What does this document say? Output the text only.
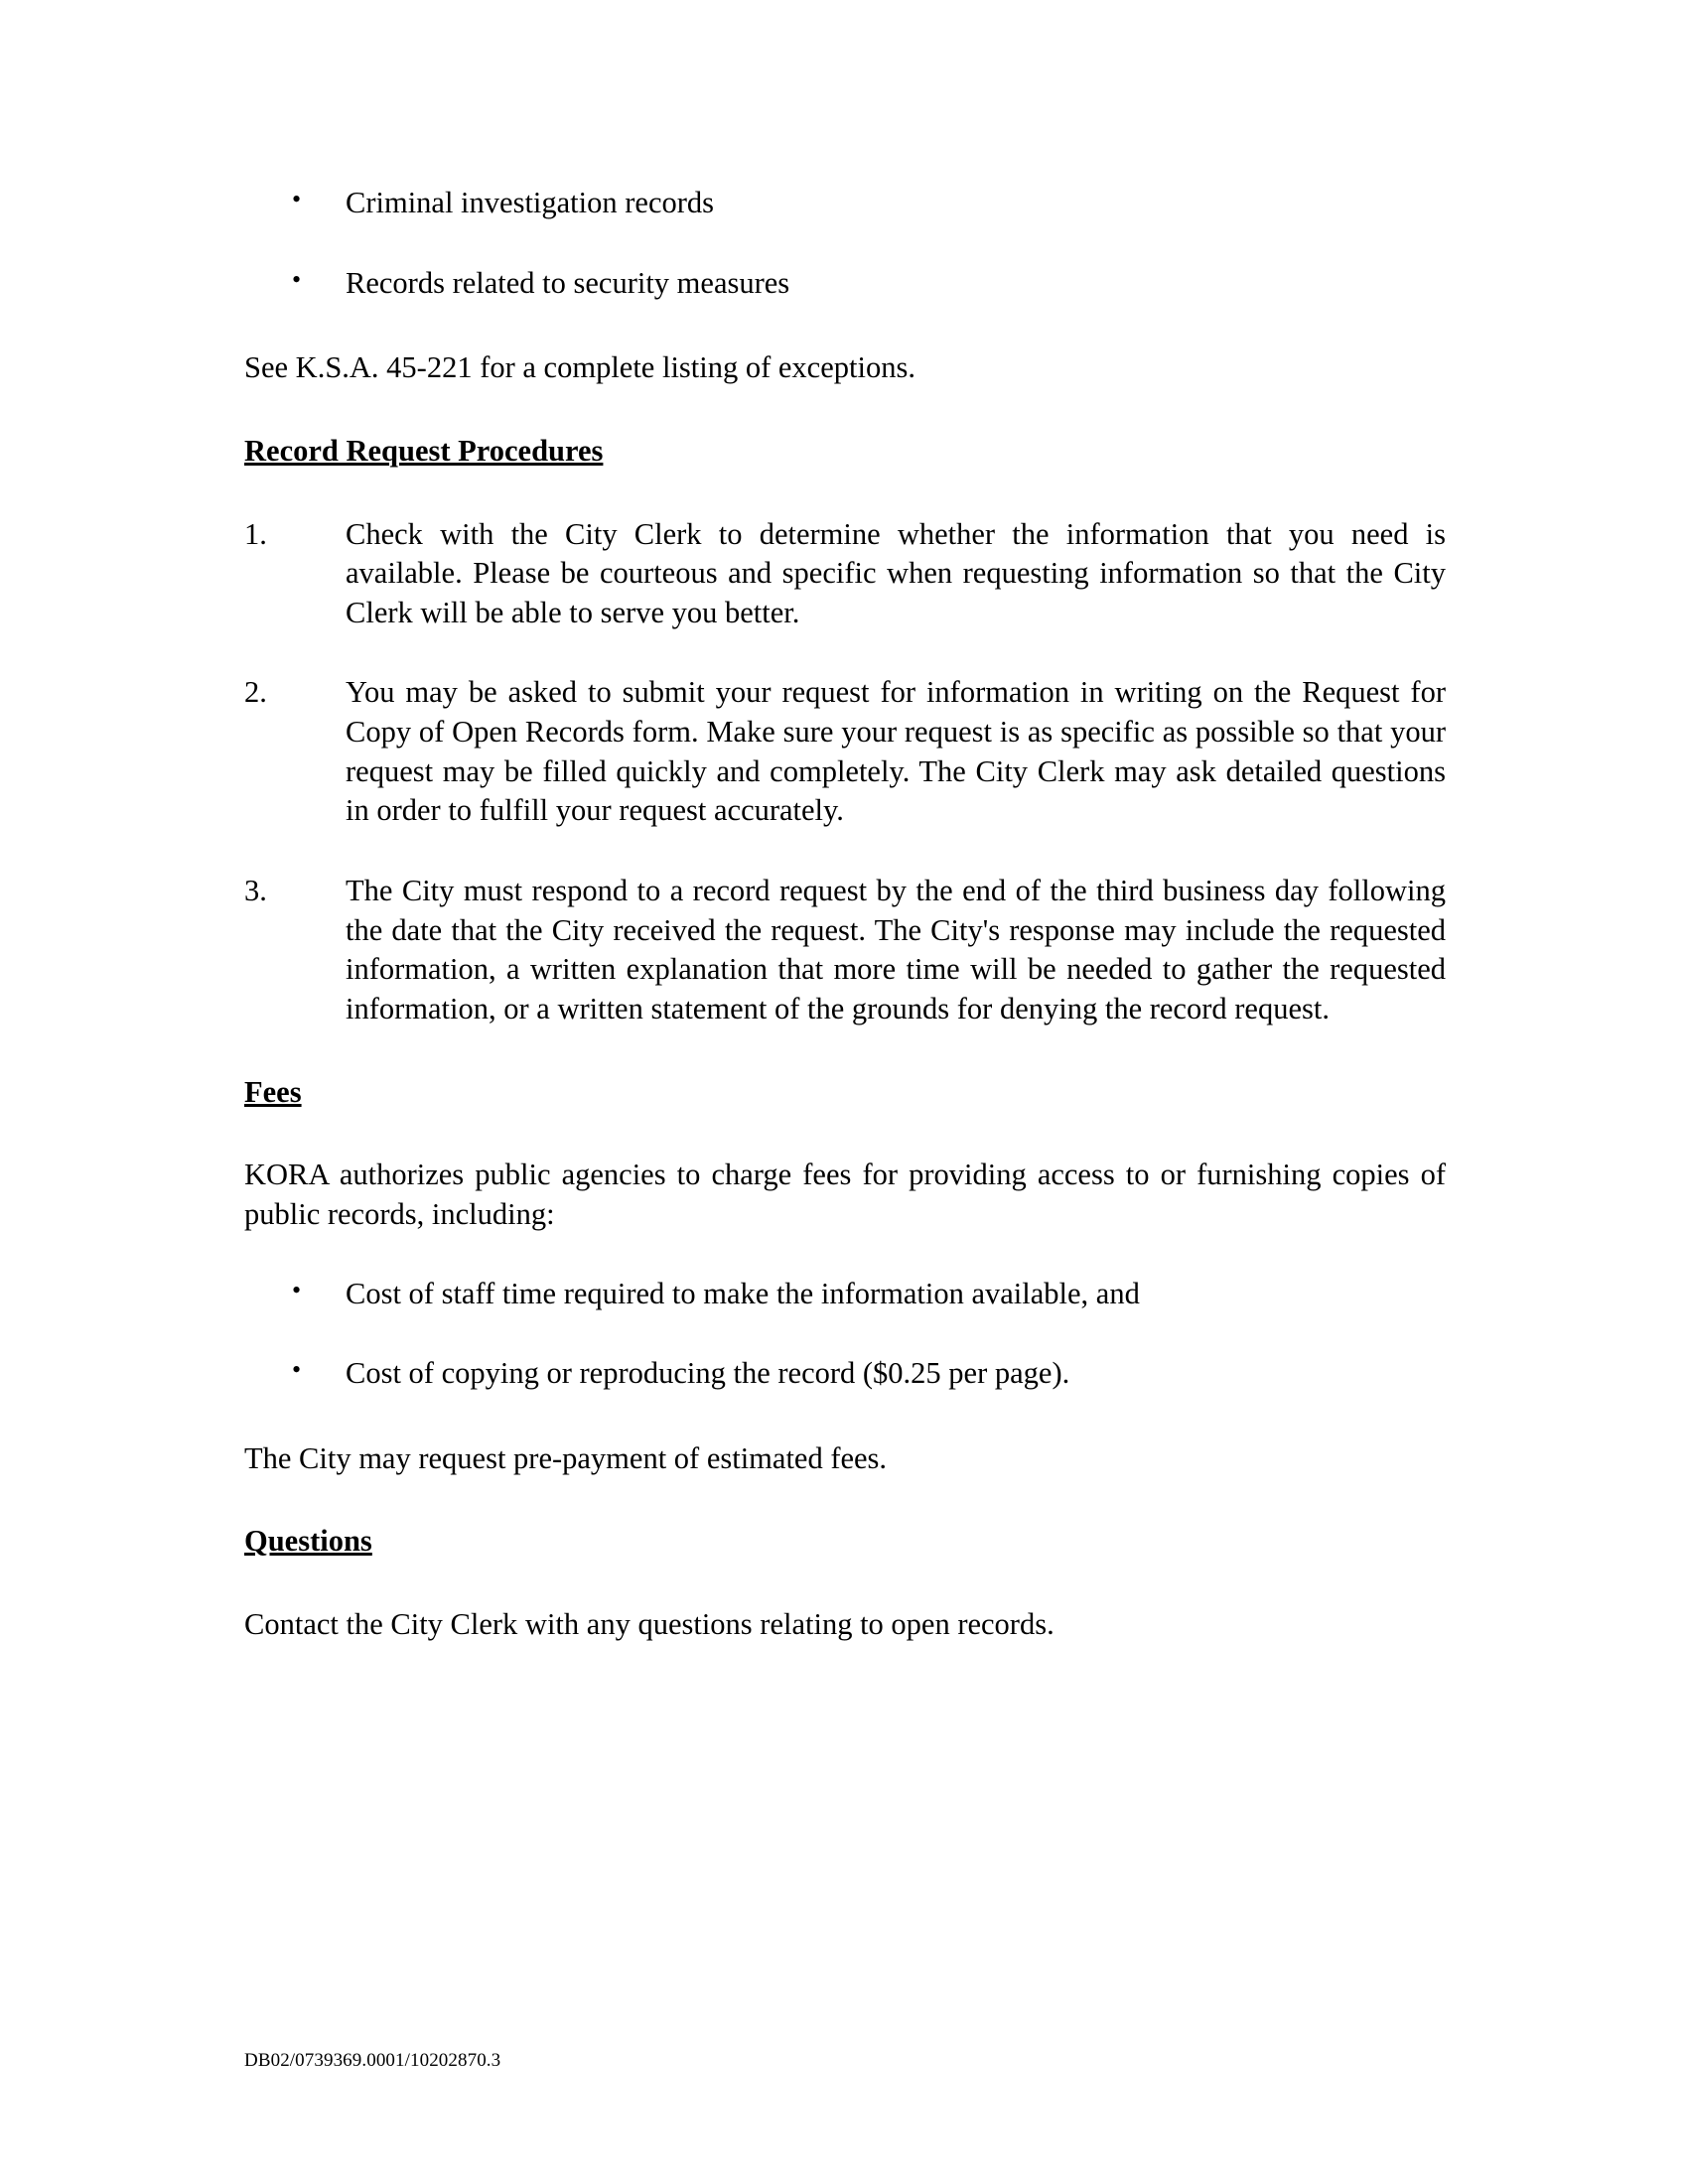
• Criminal investigation records
• Records related to security measures

See K.S.A. 45-221 for a complete listing of exceptions.

Record Request Procedures
1.	Check with the City Clerk to determine whether the information that you need is available. Please be courteous and specific when requesting information so that the City Clerk will be able to serve you better.
2.	You may be asked to submit your request for information in writing on the Request for Copy of Open Records form. Make sure your request is as specific as possible so that your request may be filled quickly and completely. The City Clerk may ask detailed questions in order to fulfill your request accurately.
3.	The City must respond to a record request by the end of the third business day following the date that the City received the request. The City's response may include the requested information, a written explanation that more time will be needed to gather the requested information, or a written statement of the grounds for denying the record request.
Fees

KORA authorizes public agencies to charge fees for providing access to or furnishing copies of public records, including:

• Cost of staff time required to make the information available, and
• Cost of copying or reproducing the record ($0.25 per page).

The City may request pre-payment of estimated fees.

Questions

Contact the City Clerk with any questions relating to open records.

DB02/0739369.0001/10202870.3
